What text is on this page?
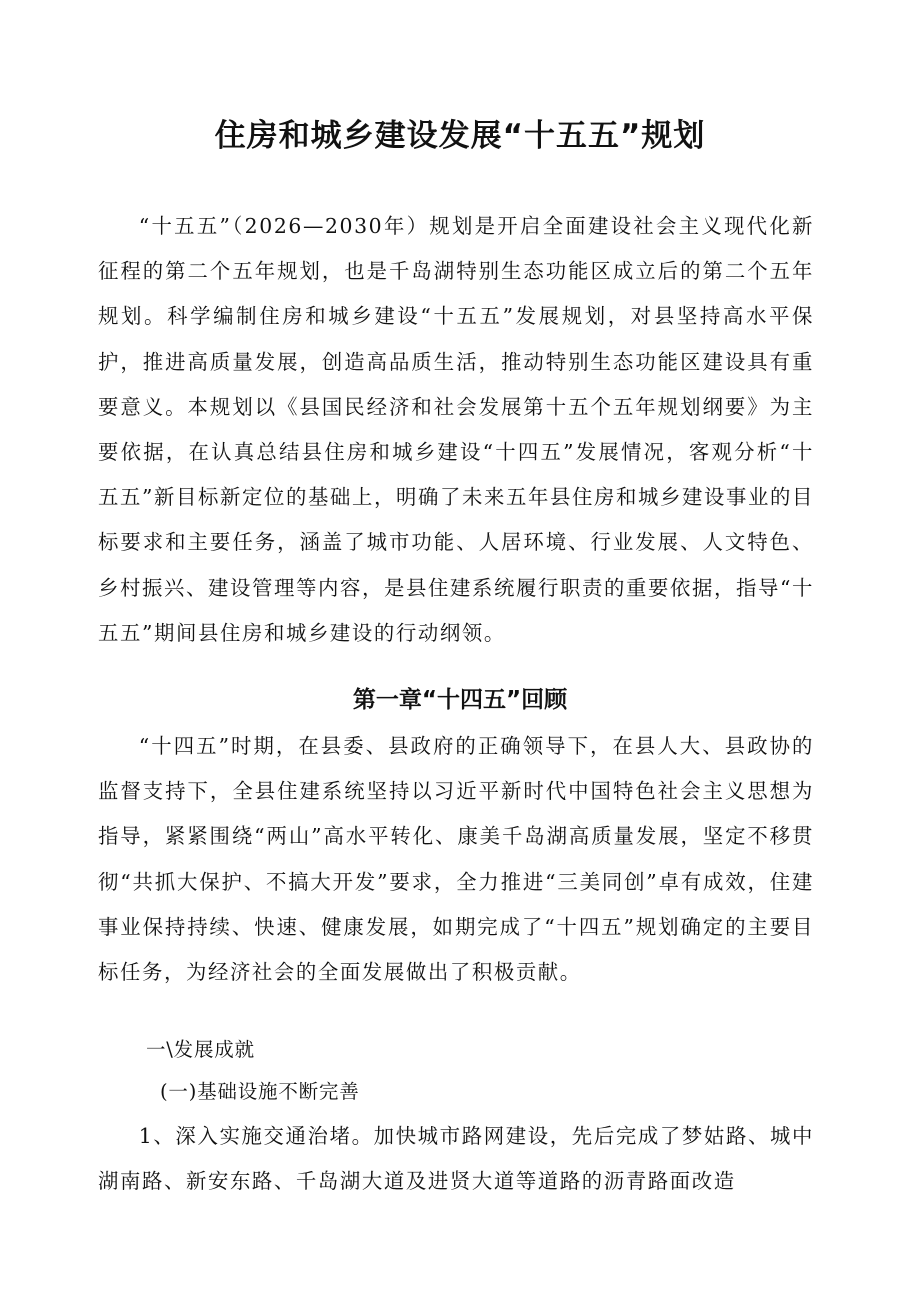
住房和城乡建设发展“十五五”规划

“十五五”（2026—2030年）规划是开启全面建设社会主义现代化新征程的第二个五年规划，也是千岛湖特别生态功能区成立后的第二个五年规划。科学编制住房和城乡建设“十五五”发展规划，对县坚持高水平保护，推进高质量发展，创造高品质生活，推动特别生态功能区建设具有重要意义。本规划以《县国民经济和社会发展第十五个五年规划纲要》为主要依据，在认真总结县住房和城乡建设“十四五”发展情况，客观分析“十五五”新目标新定位的基础上，明确了未来五年县住房和城乡建设事业的目标要求和主要任务，涵盖了城市功能、人居环境、行业发展、人文特色、乡村振兴、建设管理等内容，是县住建系统履行职责的重要依据，指导“十五五”期间县住房和城乡建设的行动纲领。

第一章“十四五”回顾

“十四五”时期，在县委、县政府的正确领导下，在县人大、县政协的监督支持下，全县住建系统坚持以习近平新时代中国特色社会主义思想为指导，紧紧围绕“两山”高水平转化、康美千岛湖高质量发展，坚定不移贯彻“共抓大保护、不搞大开发”要求，全力推进“三美同创”卓有成效，住建事业保持持续、快速、健康发展，如期完成了“十四五”规划确定的主要目标任务，为经济社会的全面发展做出了积极贡献。

一\发展成就

(一)基础设施不断完善

1、深入实施交通治堵。加快城市路网建设，先后完成了梦姑路、城中湖南路、新安东路、千岛湖大道及进贤大道等道路的沥青路面改造
